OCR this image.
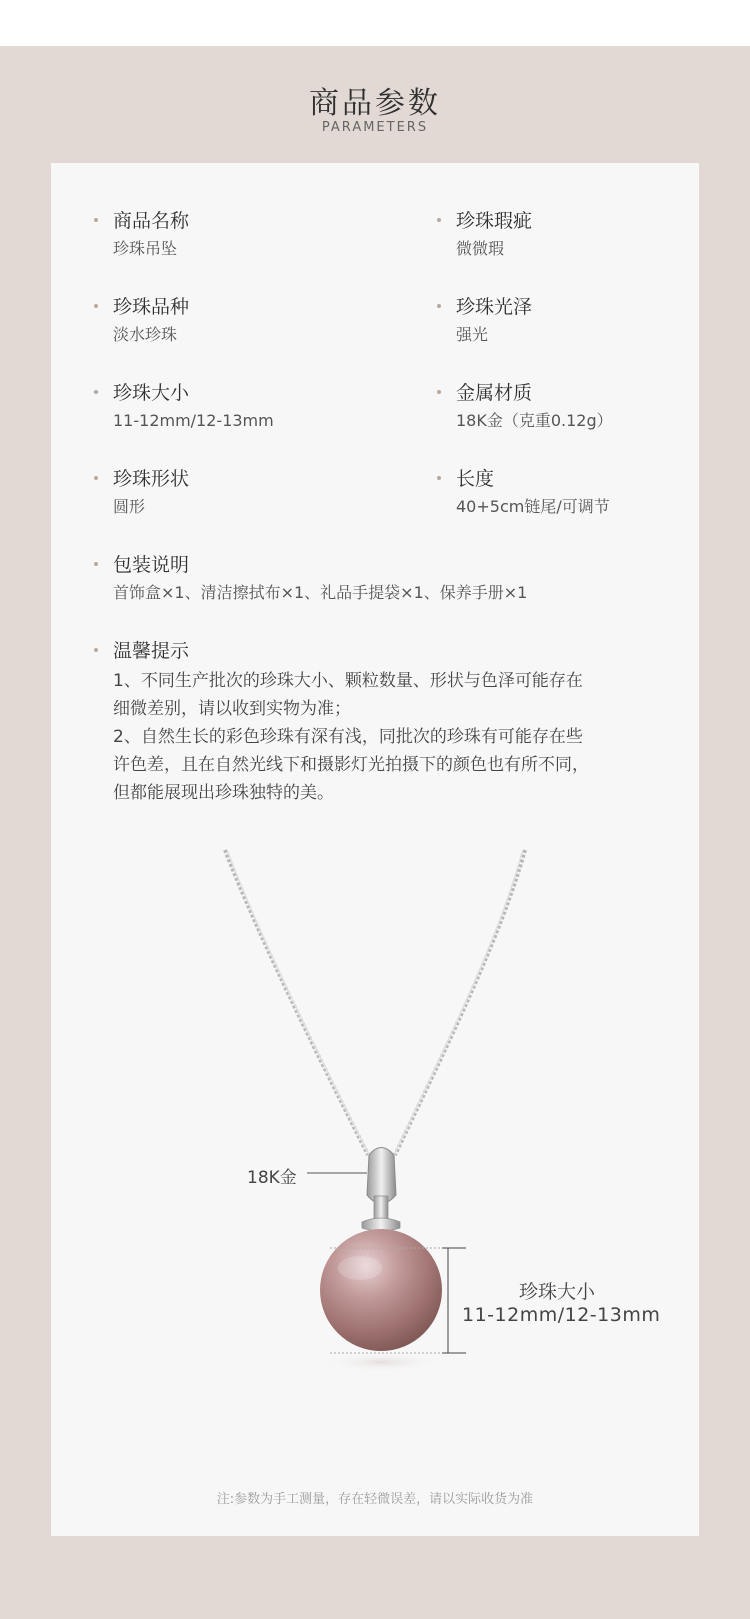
商品参数
PARAMETERS
商品名称
珍珠吊坠
珍珠品种
淡水珍珠
珍珠大小
11-12mm/12-13mm
珍珠形状
圆形
珍珠瑕疵
微微瑕
珍珠光泽
强光
金属材质
18K金（克重0.12g）
长度
40+5cm链尾/可调节
包装说明
首饰盒×1、清洁擦拭布×1、礼品手提袋×1、保养手册×1
温馨提示
1、不同生产批次的珍珠大小、颗粒数量、形状与色泽可能存在
细微差别，请以收到实物为准；
2、自然生长的彩色珍珠有深有浅，同批次的珍珠有可能存在些
许色差，且在自然光线下和摄影灯光拍摄下的颜色也有所不同，
但都能展现出珍珠独特的美。
18K金
珍珠大小
11-12mm/12-13mm
注:参数为手工测量，存在轻微误差，请以实际收货为准
